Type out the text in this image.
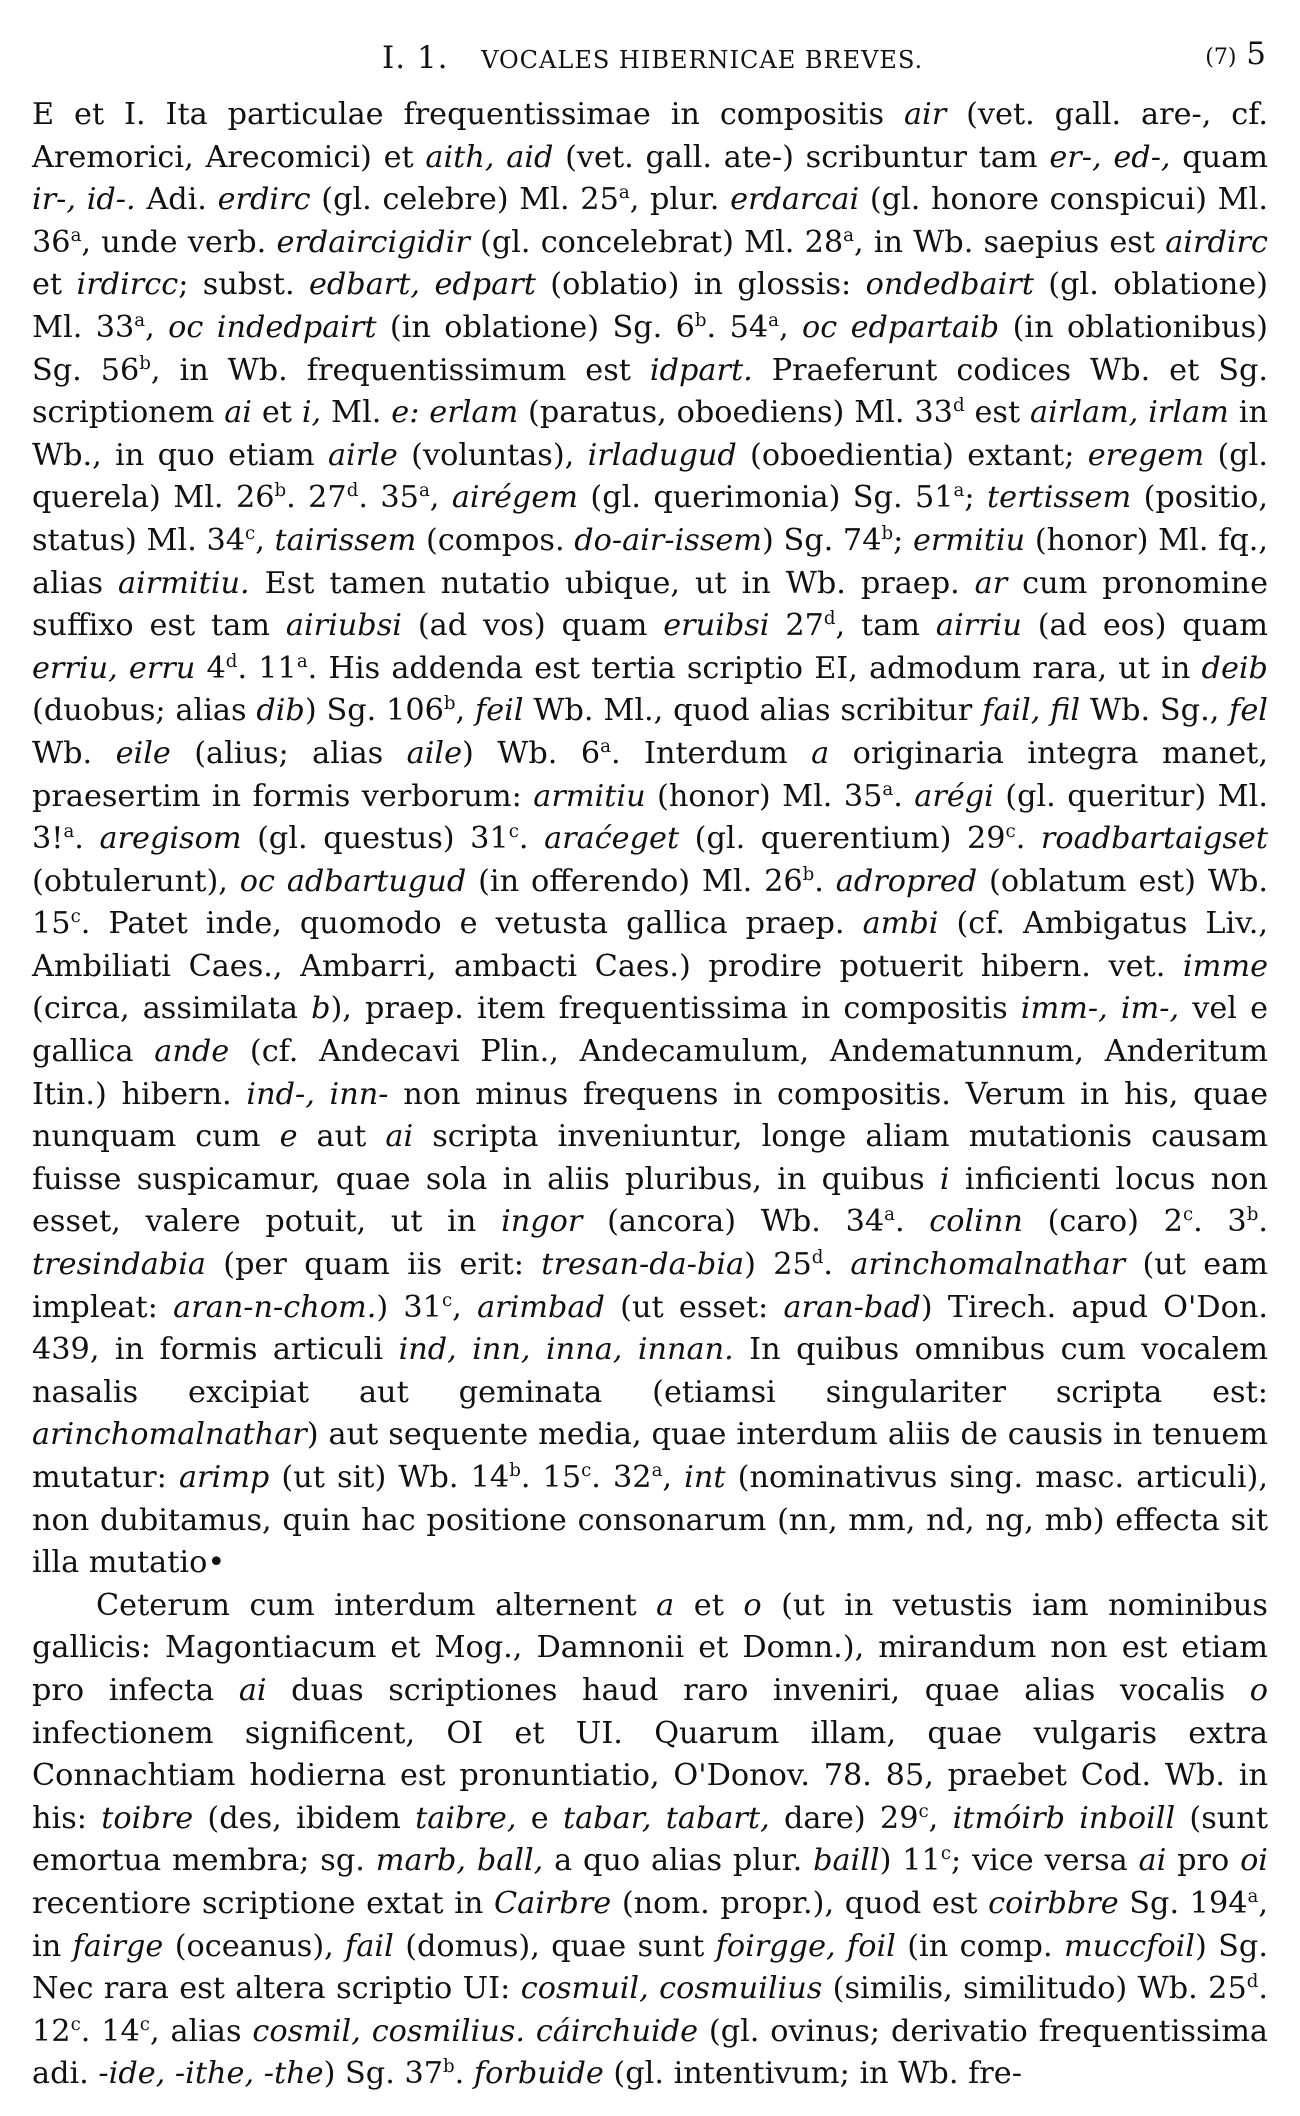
I. 1. VOCALES HIBERNICAE BREVES.	(7) 5

E et I. Ita particulae frequentissimae in compositis air (vet. gall. are-, cf. Aremorici, Arecomici) et aith, aid (vet. gall. ate-) scribuntur tam er-, ed-, quam ir-, id-. Adi. erdirc (gl. celebre) Ml. 25$^a$, plur. erdarcai (gl. honore conspicui) Ml. 36$^a$, unde verb. erdaircigidir (gl. concelebrat) Ml. 28$^a$, in Wb. saepius est airdirc et irdircc; subst. edbart, edpart (oblatio) in glossis: ondedbairt (gl. oblatione) Ml. 33$^a$, oc indedpairt (in oblatione) Sg. 6$^b$. 54$^a$, oc edpartaib (in oblationibus) Sg. 56$^b$, in Wb. frequentissimum est idpart. Praeferunt codices Wb. et Sg. scriptionem ai et i, Ml. e: erlam (paratus, oboediens) Ml. 33$^d$ est airlam, irlam in Wb., in quo etiam airle (voluntas), irladugud (oboedientia) extant; eregem (gl. querela) Ml. 26$^b$. 27$^d$. 35$^a$, airégem (gl. querimonia) Sg. 51$^a$; tertissem (positio, status) Ml. 34$^c$, tairissem (compos. do-air-issem) Sg. 74$^b$; ermitiu (honor) Ml. fq., alias airmitiu. Est tamen nutatio ubique, ut in Wb. praep. ar cum pronomine suffixo est tam airiubsi (ad vos) quam eruibsi 27$^d$, tam airriu (ad eos) quam erriu, erru 4$^d$. 11$^a$. His addenda est tertia scriptio EI, admodum rara, ut in deib (duobus; alias dib) Sg. 106$^b$, feil Wb. Ml., quod alias scribitur fail, fil Wb. Sg., fel Wb. eile (alius; alias aile) Wb. 6$^a$. Interdum a originaria integra manet, praesertim in formis verborum: armitiu (honor) Ml. 35$^a$. arégi (gl. queritur) Ml. 3!$^a$. aregisom (gl. questus) 31$^c$. araćeget (gl. querentium) 29$^c$. roadbartaigset (obtulerunt), oc adbartugud (in offerendo) Ml. 26$^b$. adropred (oblatum est) Wb. 15$^c$. Patet inde, quomodo e vetusta gallica praep. ambi (cf. Ambigatus Liv., Ambiliati Caes., Ambarri, ambacti Caes.) prodire potuerit hibern. vet. imme (circa, assimilata b), praep. item frequentissima in compositis imm-, im-, vel e gallica ande (cf. Andecavi Plin., Andecamulum, Andematunnum, Anderitum Itin.) hibern. ind-, inn- non minus frequens in compositis. Verum in his, quae nunquam cum e aut ai scripta inveniuntur, longe aliam mutationis causam fuisse suspicamur, quae sola in aliis pluribus, in quibus i inficienti locus non esset, valere potuit, ut in ingor (ancora) Wb. 34$^a$. colinn (caro) 2$^c$. 3$^b$. tresindabia (per quam iis erit: tresan-da-bia) 25$^d$. arinchomalnathar (ut eam impleat: aran-n-chom.) 31$^c$, arimbad (ut esset: aran-bad) Tirech. apud O'Don. 439, in formis articuli ind, inn, inna, innan. In quibus omnibus cum vocalem nasalis excipiat aut geminata (etiamsi singulariter scripta est: arinchomalnathar) aut sequente media, quae interdum aliis de causis in tenuem mutatur: arimp (ut sit) Wb. 14$^b$. 15$^c$. 32$^a$, int (nominativus sing. masc. articuli), non dubitamus, quin hac positione consonarum (nn, mm, nd, ng, mb) effecta sit illa mutatio•

Ceterum cum interdum alternent a et o (ut in vetustis iam nominibus gallicis: Magontiacum et Mog., Damnonii et Domn.), mirandum non est etiam pro infecta ai duas scriptiones haud raro inveniri, quae alias vocalis o infectionem significent, OI et UI. Quarum illam, quae vulgaris extra Connachtiam hodierna est pronuntiatio, O'Donov. 78. 85, praebet Cod. Wb. in his: toibre (des, ibidem taibre, e tabar, tabart, dare) 29$^c$, itmóirb inboill (sunt emortua membra; sg. marb, ball, a quo alias plur. baill) 11$^c$; vice versa ai pro oi recentiore scriptione extat in Cairbre (nom. propr.), quod est coirbbre Sg. 194$^a$, in fairge (oceanus), fail (domus), quae sunt foirgge, foil (in comp. muccfoil) Sg. Nec rara est altera scriptio UI: cosmuil, cosmuilius (similis, similitudo) Wb. 25$^d$. 12$^c$. 14$^c$, alias cosmil, cosmilius. cáirchuide (gl. ovinus; derivatio frequentissima adi. -ide, -ithe, -the) Sg. 37$^b$. forbuide (gl. intentivum; in Wb. fre-
